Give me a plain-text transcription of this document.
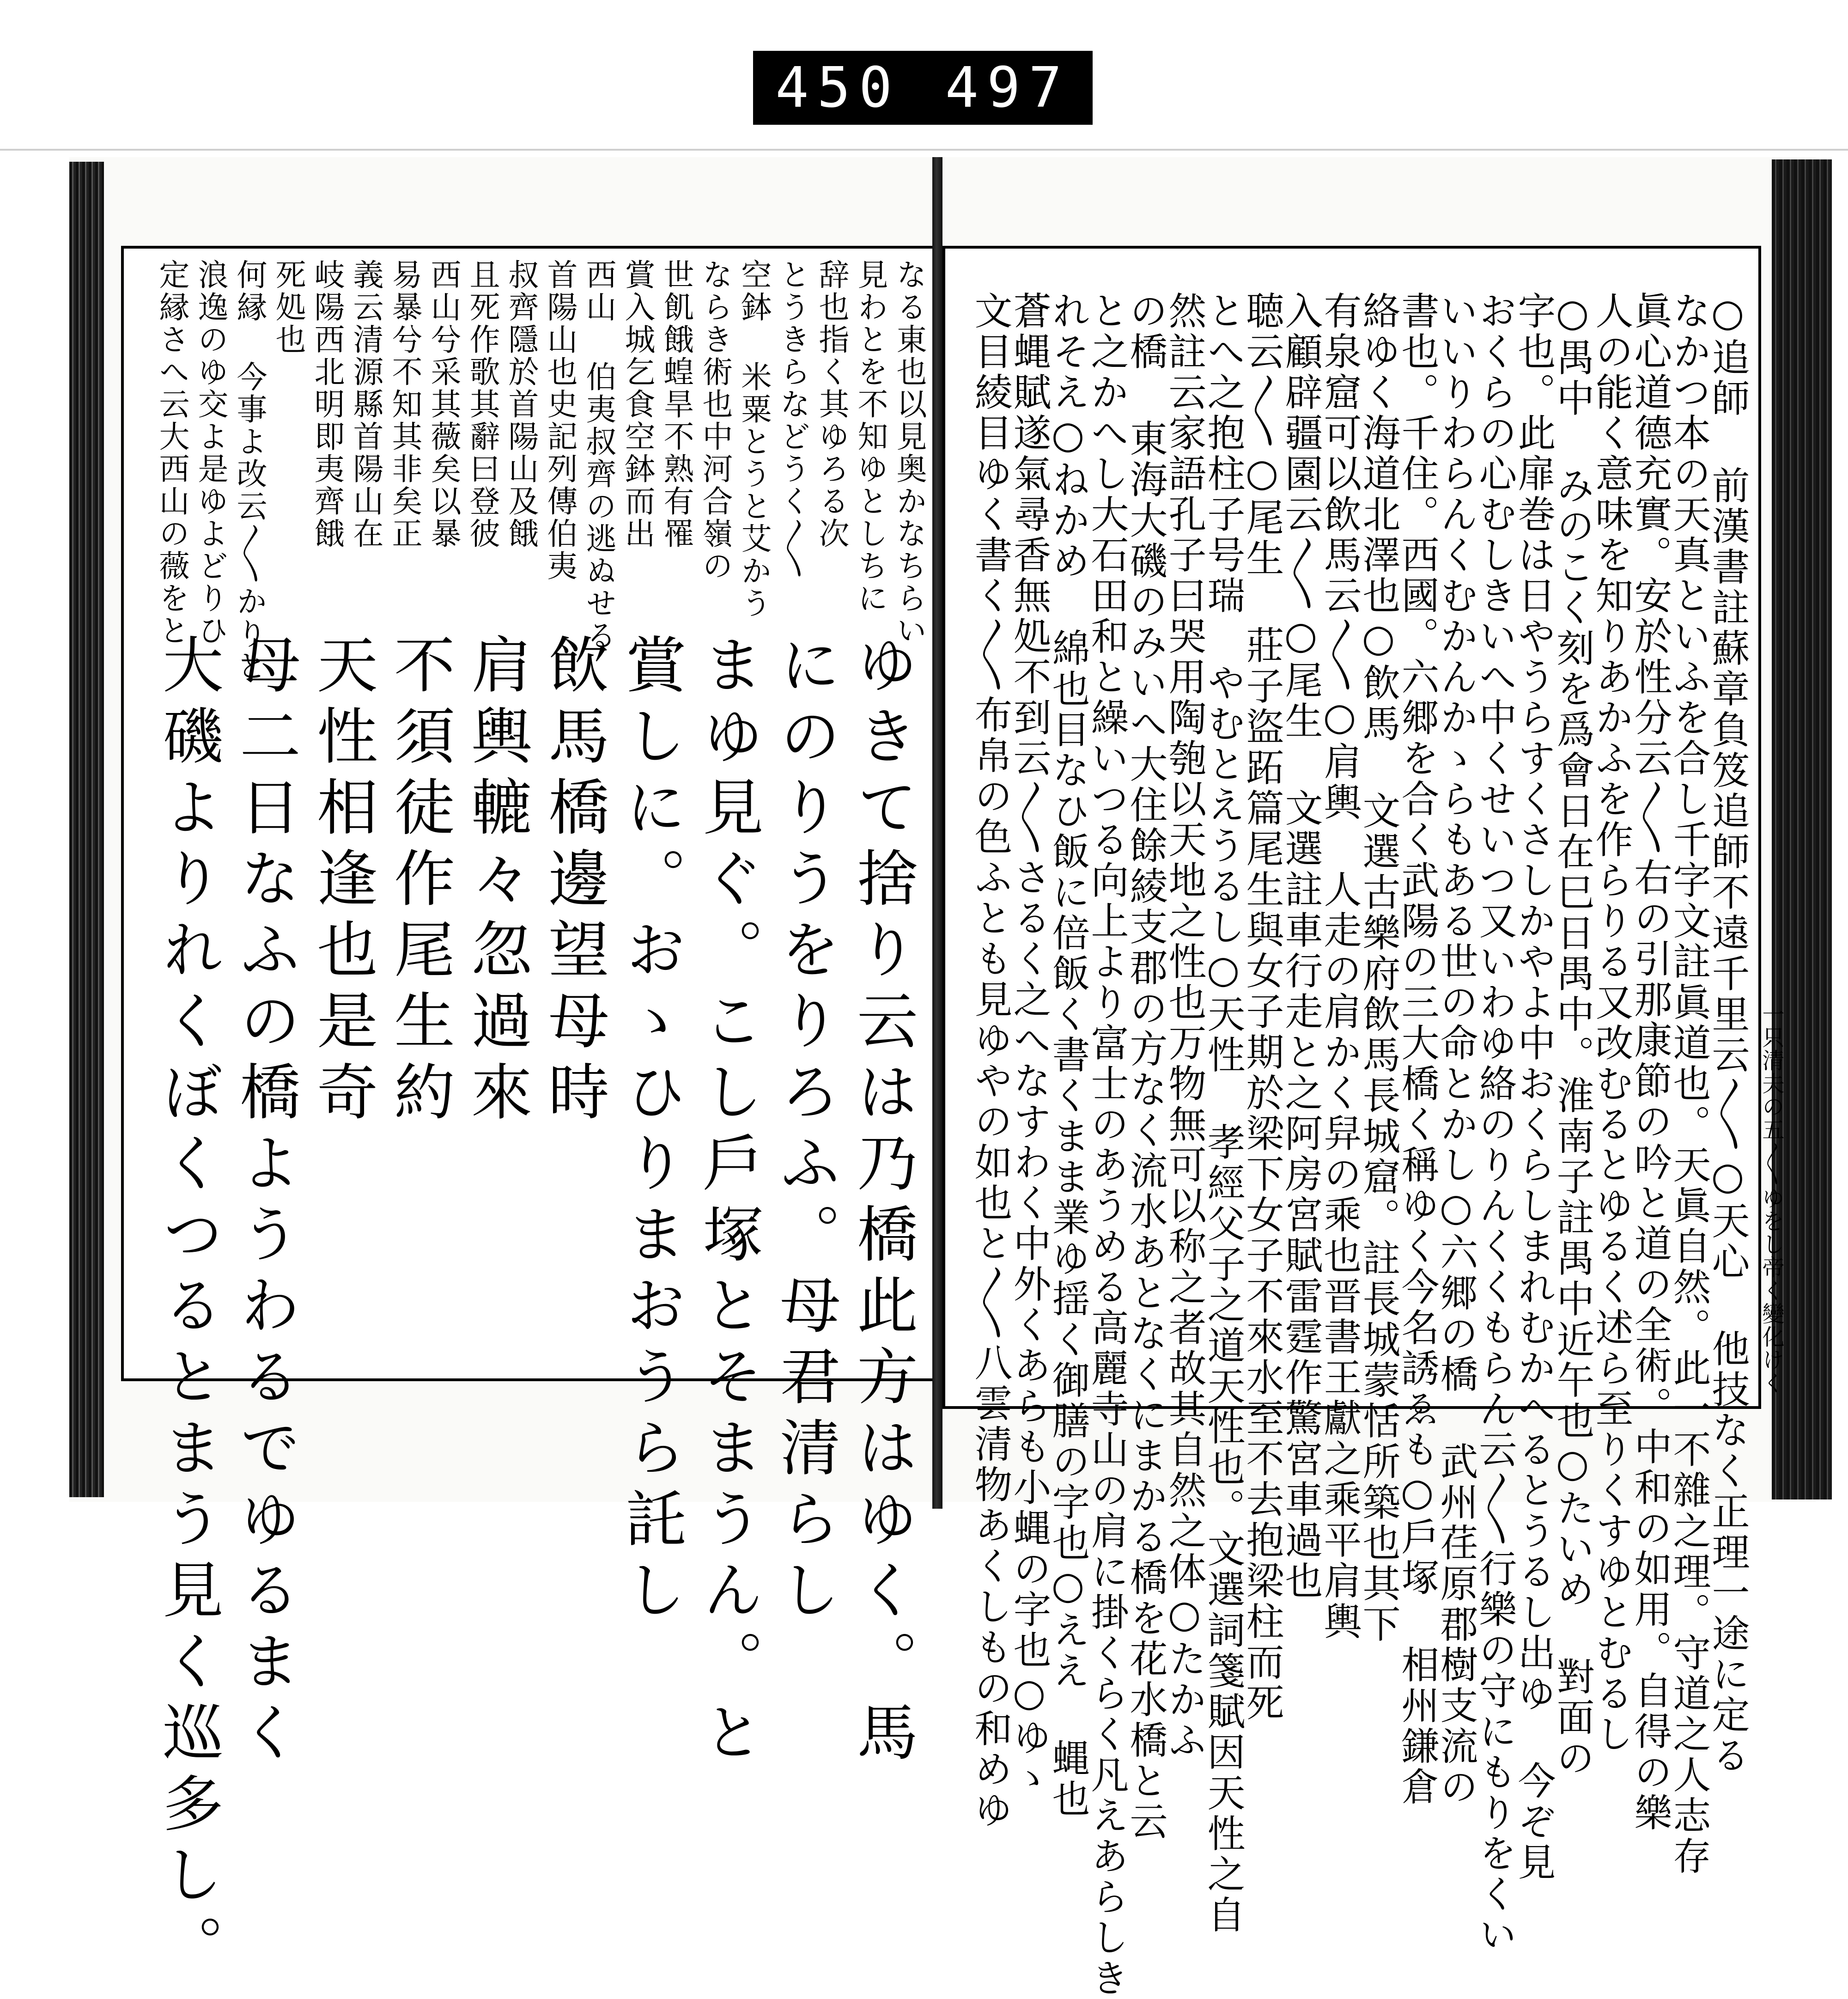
450 497
なる東也以見奥かなちらい
見わとを不知ゆとしちに
辞也指く其ゆろる次
とうきらなどうく〳〵
空鉢 米粟とうと艾かう
ならき術也中河合嶺の
世飢餓蝗旱不熟有罹
賞入城乞食空鉢而出
西山 伯夷叔齊の逃ぬせる
首陽山也史記列傳伯夷
叔齊隱於首陽山及餓
且死作歌其辭曰登彼
西山兮采其薇矣以暴
易暴兮不知其非矣正
義云清源縣首陽山在
岐陽西北明即夷齊餓
死処也
何縁 今事よ改云〳〵かりと
浪逸のゆ交よ是ゆよどりひ
定縁さへ云大西山の薇をと
ゆきて捨り云は乃橋此方はゆく。馬
にのりうをりろふ。母君清らし
まゆ見ぐ。こし戶塚とそまうん。と
賞しに。おゝひりまおうら託し
飲馬橋邊望母時
肩輿轆々忽過來
不須徒作尾生約
天性相逢也是奇
母二日なふの橋ようわるでゆるまく
大磯よりれくぼくつるとまう見く巡多し。	○追師 前漢書註蘇章負笈追師不遠千里云〳〵○天心 他技なく正理一途に定る
なかつ本の天真といふを合し千字文註眞道也。天眞自然。此一不雜之理。守道之人志存
眞心道德充實。安於性分云〳〵右の引那康節の吟と道の全術。中和の如用。自得の樂
人の能く意味を知りあかふを作らりる又改むるとゆるく述ら至りくすゆとむるし
○禺中 みのこく刻を爲會日在巳日禺中。淮南子註禺中近午也○たいめ 對面の
字也。此扉巻は日やうらすくさしかやよ中おくらしまれむかへるとうるし出ゆ 今ぞ見
おくらの心むしきいへ中くせいつ又いわゆ絡のりんくくもらん云〳〵行樂の守にもりをくい
いいりわらんくむかんかゝらもある世の命とかし○六郷の橋 武州荏原郡樹支流の
書也。千住。西國。六郷を合く武陽の三大橋く稱ゆく今名誘ゑも○戶塚 相州鎌倉
絡ゆく海道北澤也○飲馬 文選古樂府飲馬長城窟。註長城蒙恬所築也其下
有泉窟可以飲馬云〳〵○肩輿 人走の肩かく舁の乘也晋書王獻之乘平肩輿
入顧辟疆園云〳〵○尾生 文選註車行走と之阿房宮賦雷霆作驚宮車過也
聴云〳〵○尾生 莊子盜跖篇尾生與女子期於梁下女子不來水至不去抱梁柱而死
とへ之抱柱子号瑞 やむとえうるし○天性 孝經父子之道天性也。文選詞箋賦因天性之自
然註云家語孔子曰哭用陶匏以天地之性也万物無可以称之者故其自然之体○たかふ
の橋 東海大磯のみいへ大住餘綾支郡の方なく流水あとなくにまかる橋を花水橋と云
と之かへし大石田和と繰いつる向上より富士のあうめる高麗寺山の肩に掛くらく凡えあらしき
れそえ○ねかめ 綿也目なひ飯に倍飯く書くまま業ゆ揺く御膳の字也○ええ 蝿也
蒼蝿賦遂氣尋香無処不到云〳〵さるく之へなすわく中外くあらも小蝿の字也○ゆゝ
文目綾目ゆく書く〳〵布帛の色ふとも見ゆやの如也と〳〵八雲清物あくしもの和めゆ	一只清夫の五〳〵ゆをし帝く變化けく
